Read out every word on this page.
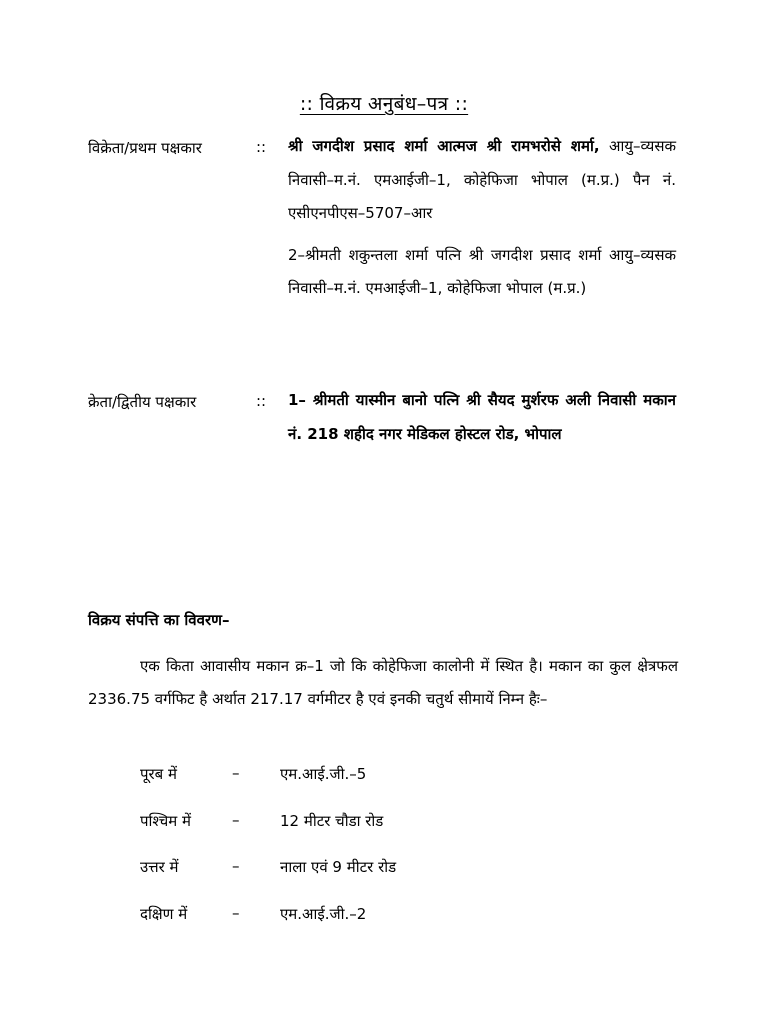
:: विक्रय अनुबंध–पत्र ::
विक्रेता/प्रथम पक्षकार	:: श्री जगदीश प्रसाद शर्मा आत्मज श्री रामभरोसे शर्मा, आयु–व्यसक निवासी–म.नं. एमआईजी–1, कोहेफिजा भोपाल (म.प्र.) पैन नं. एसीएनपीएस–5707–आर

2–श्रीमती शकुन्तला शर्मा पत्नि श्री जगदीश प्रसाद शर्मा आयु–व्यसक निवासी–म.नं. एमआईजी–1, कोहेफिजा भोपाल (म.प्र.)

क्रेता/द्वितीय पक्षकार	:: 1– श्रीमती यास्मीन बानो पत्नि श्री सैयद मुर्शरफ अली निवासी मकान नं. 218 शहीद नगर मेडिकल होस्टल रोड, भोपाल

विक्रय संपत्ति का विवरण–
एक किता आवासीय मकान क्र–1 जो कि कोहेफिजा कालोनी में स्थित है। मकान का कुल क्षेत्रफल 2336.75 वर्गफिट है अर्थात 217.17 वर्गमीटर है एवं इनकी चतुर्थ सीमायें निम्न हैः–
पूरब में	–	एम.आई.जी.–5
पश्चिम में	–	12 मीटर चौडा रोड
उत्तर में	–	नाला एवं 9 मीटर रोड
दक्षिण में	–	एम.आई.जी.–2
